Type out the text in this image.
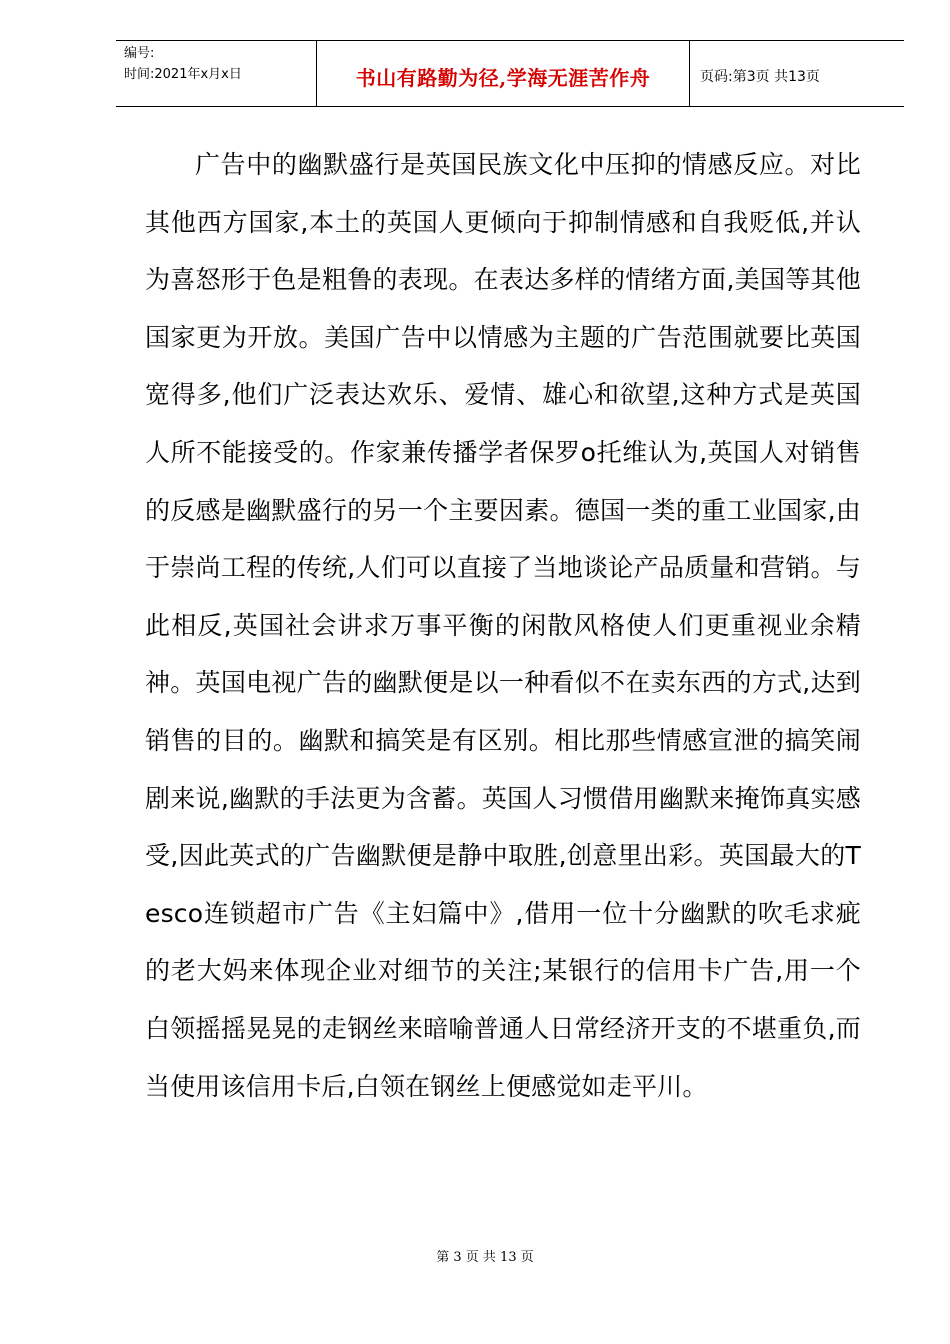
编号:
时间:2021年x月x日	书山有路勤为径,学海无涯苦作舟	页码:第3页 共13页

广告中的幽默盛行是英国民族文化中压抑的情感反应。对比其他西方国家,本土的英国人更倾向于抑制情感和自我贬低,并认为喜怒形于色是粗鲁的表现。在表达多样的情绪方面,美国等其他国家更为开放。美国广告中以情感为主题的广告范围就要比英国宽得多,他们广泛表达欢乐、爱情、雄心和欲望,这种方式是英国人所不能接受的。作家兼传播学者保罗o托维认为,英国人对销售的反感是幽默盛行的另一个主要因素。德国一类的重工业国家,由于崇尚工程的传统,人们可以直接了当地谈论产品质量和营销。与此相反,英国社会讲求万事平衡的闲散风格使人们更重视业余精神。英国电视广告的幽默便是以一种看似不在卖东西的方式,达到销售的目的。幽默和搞笑是有区别。相比那些情感宣泄的搞笑闹剧来说,幽默的手法更为含蓄。英国人习惯借用幽默来掩饰真实感受,因此英式的广告幽默便是静中取胜,创意里出彩。英国最大的Tesco连锁超市广告《主妇篇中》,借用一位十分幽默的吹毛求疵的老大妈来体现企业对细节的关注;某银行的信用卡广告,用一个白领摇摇晃晃的走钢丝来暗喻普通人日常经济开支的不堪重负,而当使用该信用卡后,白领在钢丝上便感觉如走平川。

第 3 页 共 13 页
